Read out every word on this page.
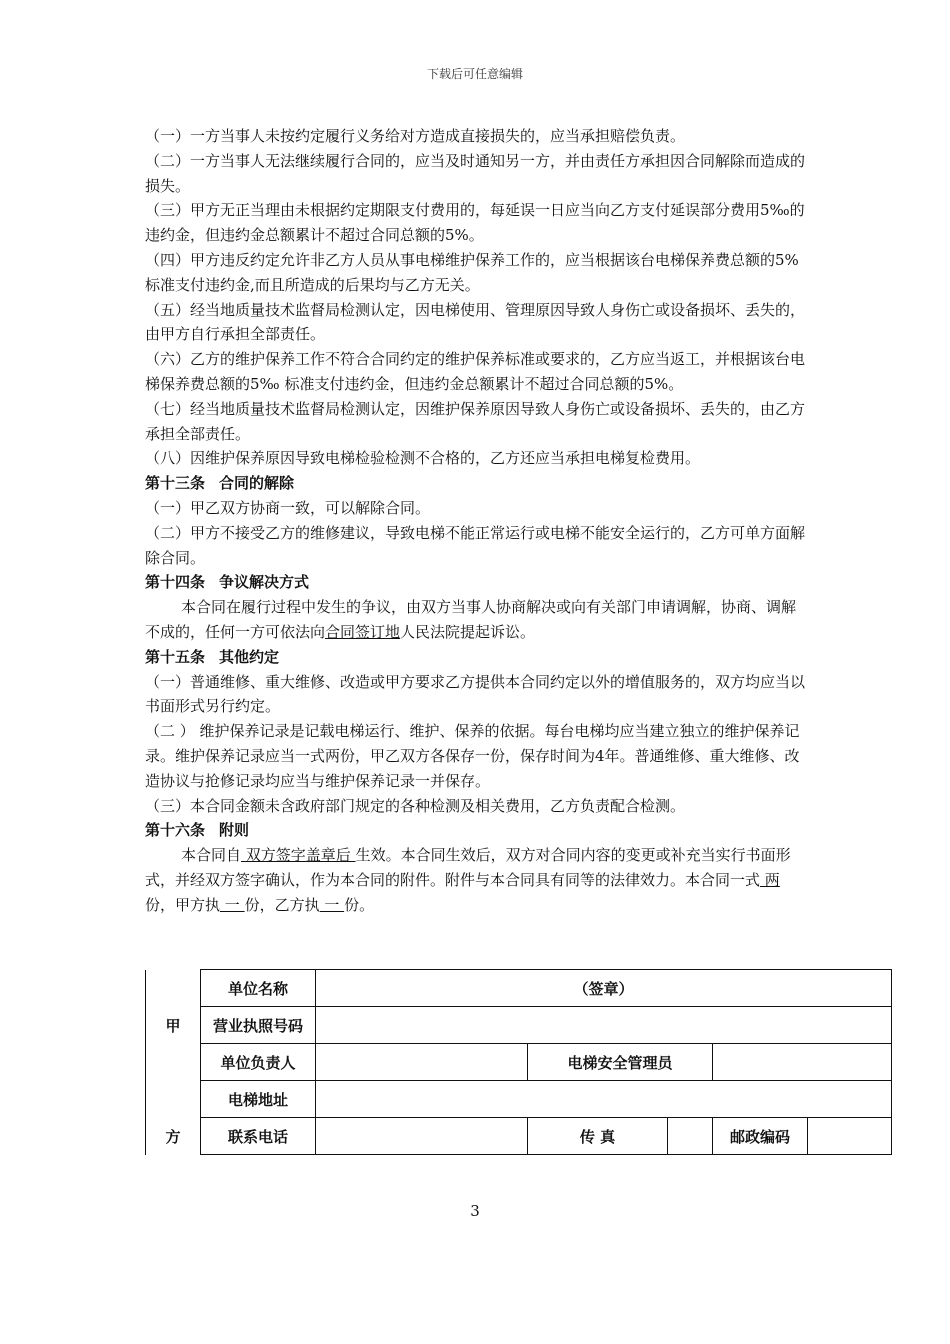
下载后可任意编辑

（一）一方当事人未按约定履行义务给对方造成直接损失的，应当承担赔偿负责。

（二）一方当事人无法继续履行合同的，应当及时通知另一方，并由责任方承担因合同解除而造成的损失。

（三）甲方无正当理由未根据约定期限支付费用的，每延误一日应当向乙方支付延误部分费用5‰的违约金，但违约金总额累计不超过合同总额的5%。

（四）甲方违反约定允许非乙方人员从事电梯维护保养工作的，应当根据该台电梯保养费总额的5%标准支付违约金,而且所造成的后果均与乙方无关。

（五）经当地质量技术监督局检测认定，因电梯使用、管理原因导致人身伤亡或设备损坏、丢失的，由甲方自行承担全部责任。

（六）乙方的维护保养工作不符合合同约定的维护保养标准或要求的，乙方应当返工，并根据该台电梯保养费总额的5‰ 标准支付违约金，但违约金总额累计不超过合同总额的5%。

（七）经当地质量技术监督局检测认定，因维护保养原因导致人身伤亡或设备损坏、丢失的，由乙方承担全部责任。

（八）因维护保养原因导致电梯检验检测不合格的，乙方还应当承担电梯复检费用。

第十三条 合同的解除

（一）甲乙双方协商一致，可以解除合同。

（二）甲方不接受乙方的维修建议，导致电梯不能正常运行或电梯不能安全运行的，乙方可单方面解除合同。

第十四条 争议解决方式

本合同在履行过程中发生的争议，由双方当事人协商解决或向有关部门申请调解，协商、调解不成的，任何一方可依法向合同签订地人民法院提起诉讼。

第十五条 其他约定

（一）普通维修、重大维修、改造或甲方要求乙方提供本合同约定以外的增值服务的，双方均应当以书面形式另行约定。

（二 ） 维护保养记录是记载电梯运行、维护、保养的依据。每台电梯均应当建立独立的维护保养记录。维护保养记录应当一式两份，甲乙双方各保存一份，保存时间为4年。普通维修、重大维修、改造协议与抢修记录均应当与维护保养记录一并保存。

（三）本合同金额未含政府部门规定的各种检测及相关费用，乙方负责配合检测。

第十六条 附则

本合同自 双方签字盖章后 生效。本合同生效后，双方对合同内容的变更或补充当实行书面形式，并经双方签字确认，作为本合同的附件。附件与本合同具有同等的法律效力。本合同一式 两 份，甲方执 一 份，乙方执 一 份。

	单位名称	（签章）				
甲	营业执照号码					
	单位负责人		电梯安全管理员			
	电梯地址					
方	联系电话		传 真		邮政编码	
3
